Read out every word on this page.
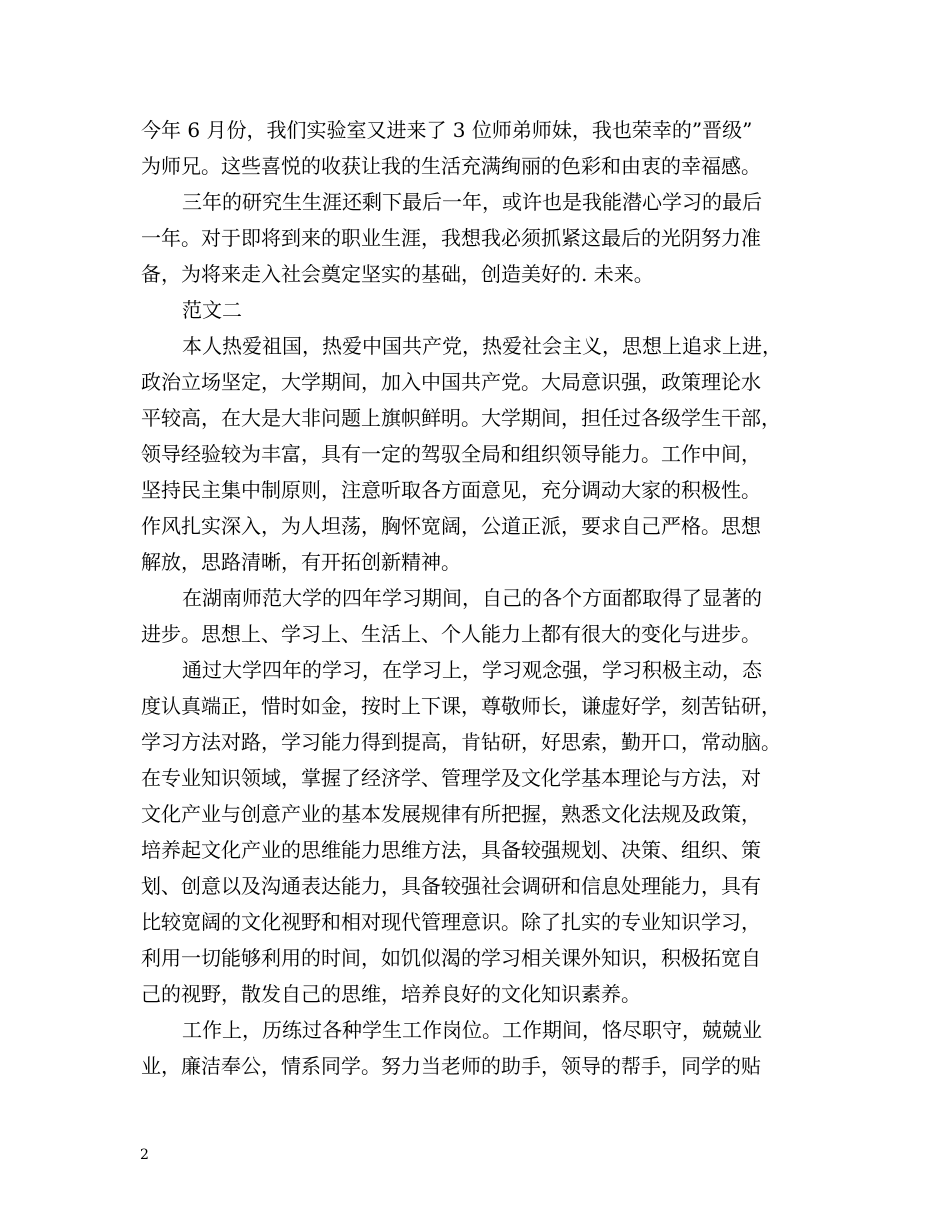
今年 6 月份，我们实验室又进来了 3 位师弟师妹，我也荣幸的”晋级”
为师兄。这些喜悦的收获让我的生活充满绚丽的色彩和由衷的幸福感。
三年的研究生生涯还剩下最后一年，或许也是我能潜心学习的最后
一年。对于即将到来的职业生涯，我想我必须抓紧这最后的光阴努力准
备，为将来走入社会奠定坚实的基础，创造美好的. 未来。
范文二
本人热爱祖国，热爱中国共产党，热爱社会主义，思想上追求上进，
政治立场坚定，大学期间，加入中国共产党。大局意识强，政策理论水
平较高，在大是大非问题上旗帜鲜明。大学期间，担任过各级学生干部，
领导经验较为丰富，具有一定的驾驭全局和组织领导能力。工作中间，
坚持民主集中制原则，注意听取各方面意见，充分调动大家的积极性。
作风扎实深入，为人坦荡，胸怀宽阔，公道正派，要求自己严格。思想
解放，思路清晰，有开拓创新精神。
在湖南师范大学的四年学习期间，自己的各个方面都取得了显著的
进步。思想上、学习上、生活上、个人能力上都有很大的变化与进步。
通过大学四年的学习，在学习上，学习观念强，学习积极主动，态
度认真端正，惜时如金，按时上下课，尊敬师长，谦虚好学，刻苦钻研，
学习方法对路，学习能力得到提高，肯钻研，好思索，勤开口，常动脑。
在专业知识领域，掌握了经济学、管理学及文化学基本理论与方法，对
文化产业与创意产业的基本发展规律有所把握，熟悉文化法规及政策，
培养起文化产业的思维能力思维方法，具备较强规划、决策、组织、策
划、创意以及沟通表达能力，具备较强社会调研和信息处理能力，具有
比较宽阔的文化视野和相对现代管理意识。除了扎实的专业知识学习，
利用一切能够利用的时间，如饥似渴的学习相关课外知识，积极拓宽自
己的视野，散发自己的思维，培养良好的文化知识素养。
工作上，历练过各种学生工作岗位。工作期间，恪尽职守，兢兢业
业，廉洁奉公，情系同学。努力当老师的助手，领导的帮手，同学的贴
2
